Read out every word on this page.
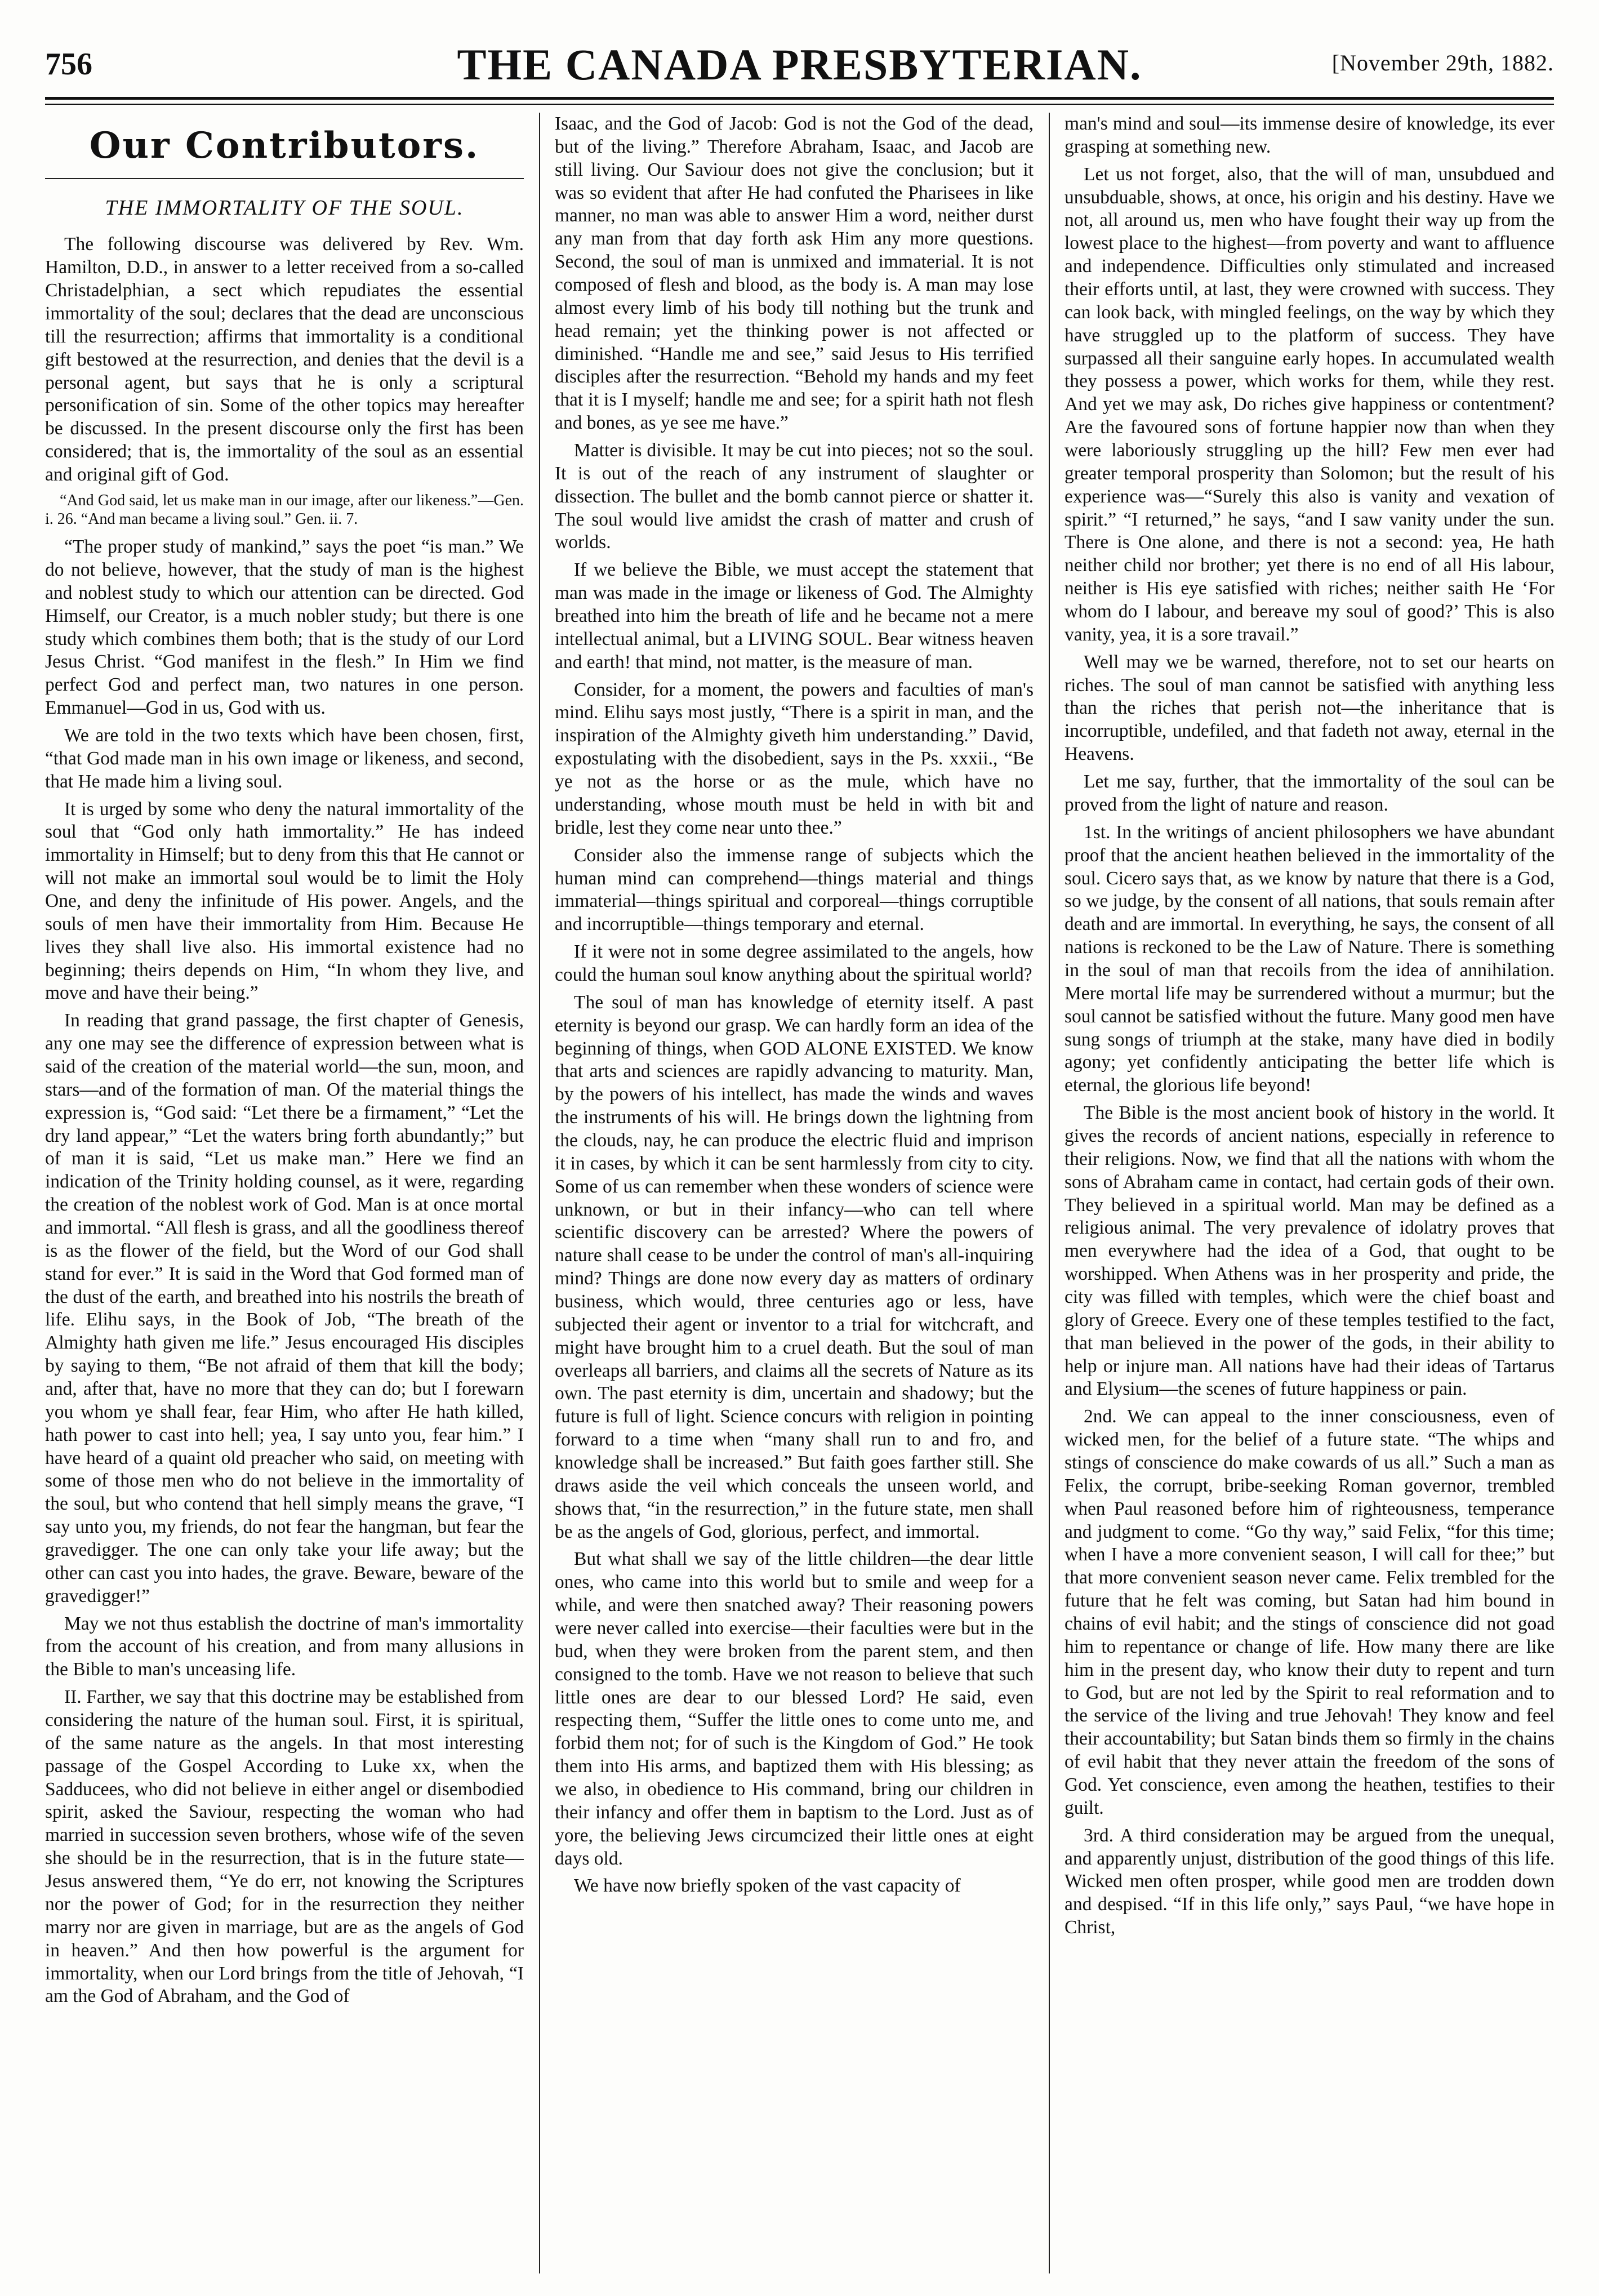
756	THE CANADA PRESBYTERIAN.	[November 29th, 1882.
Our Contributors.
THE IMMORTALITY OF THE SOUL.

The following discourse was delivered by Rev. Wm. Hamilton, D.D., in answer to a letter received from a so-called Christadelphian, a sect which repudiates the essential immortality of the soul; declares that the dead are unconscious till the resurrection; affirms that immortality is a conditional gift bestowed at the resurrection, and denies that the devil is a personal agent, but says that he is only a scriptural personification of sin. Some of the other topics may hereafter be discussed. In the present discourse only the first has been considered; that is, the immortality of the soul as an essential and original gift of God.

“And God said, let us make man in our image, after our likeness.”—Gen. i. 26. “And man became a living soul.” Gen. ii. 7.

“The proper study of mankind,” says the poet “is man.” We do not believe, however, that the study of man is the highest and noblest study to which our attention can be directed. God Himself, our Creator, is a much nobler study; but there is one study which combines them both; that is the study of our Lord Jesus Christ. “God manifest in the flesh.” In Him we find perfect God and perfect man, two natures in one person. Emmanuel—God in us, God with us.

We are told in the two texts which have been chosen, first, “that God made man in his own image or likeness, and second, that He made him a living soul.

It is urged by some who deny the natural immortality of the soul that “God only hath immortality.” He has indeed immortality in Himself; but to deny from this that He cannot or will not make an immortal soul would be to limit the Holy One, and deny the infinitude of His power. Angels, and the souls of men have their immortality from Him. Because He lives they shall live also. His immortal existence had no beginning; theirs depends on Him, “In whom they live, and move and have their being.”

In reading that grand passage, the first chapter of Genesis, any one may see the difference of expression between what is said of the creation of the material world—the sun, moon, and stars—and of the formation of man. Of the material things the expression is, “God said: “Let there be a firmament,” “Let the dry land appear,” “Let the waters bring forth abundantly;” but of man it is said, “Let us make man.” Here we find an indication of the Trinity holding counsel, as it were, regarding the creation of the noblest work of God. Man is at once mortal and immortal. “All flesh is grass, and all the goodliness thereof is as the flower of the field, but the Word of our God shall stand for ever.” It is said in the Word that God formed man of the dust of the earth, and breathed into his nostrils the breath of life. Elihu says, in the Book of Job, “The breath of the Almighty hath given me life.” Jesus encouraged His disciples by saying to them, “Be not afraid of them that kill the body; and, after that, have no more that they can do; but I forewarn you whom ye shall fear, fear Him, who after He hath killed, hath power to cast into hell; yea, I say unto you, fear him.” I have heard of a quaint old preacher who said, on meeting with some of those men who do not believe in the immortality of the soul, but who contend that hell simply means the grave, “I say unto you, my friends, do not fear the hangman, but fear the gravedigger. The one can only take your life away; but the other can cast you into hades, the grave. Beware, beware of the gravedigger!”

May we not thus establish the doctrine of man's immortality from the account of his creation, and from many allusions in the Bible to man's unceasing life.

II. Farther, we say that this doctrine may be established from considering the nature of the human soul. First, it is spiritual, of the same nature as the angels. In that most interesting passage of the Gospel According to Luke xx, when the Sadducees, who did not believe in either angel or disembodied spirit, asked the Saviour, respecting the woman who had married in succession seven brothers, whose wife of the seven she should be in the resurrection, that is in the future state—Jesus answered them, “Ye do err, not knowing the Scriptures nor the power of God; for in the resurrection they neither marry nor are given in marriage, but are as the angels of God in heaven.” And then how powerful is the argument for immortality, when our Lord brings from the title of Jehovah, “I am the God of Abraham, and the God of

Isaac, and the God of Jacob: God is not the God of the dead, but of the living.” Therefore Abraham, Isaac, and Jacob are still living. Our Saviour does not give the conclusion; but it was so evident that after He had confuted the Pharisees in like manner, no man was able to answer Him a word, neither durst any man from that day forth ask Him any more questions. Second, the soul of man is unmixed and immaterial. It is not composed of flesh and blood, as the body is. A man may lose almost every limb of his body till nothing but the trunk and head remain; yet the thinking power is not affected or diminished. “Handle me and see,” said Jesus to His terrified disciples after the resurrection. “Behold my hands and my feet that it is I myself; handle me and see; for a spirit hath not flesh and bones, as ye see me have.”

Matter is divisible. It may be cut into pieces; not so the soul. It is out of the reach of any instrument of slaughter or dissection. The bullet and the bomb cannot pierce or shatter it. The soul would live amidst the crash of matter and crush of worlds.

If we believe the Bible, we must accept the statement that man was made in the image or likeness of God. The Almighty breathed into him the breath of life and he became not a mere intellectual animal, but a LIVING SOUL. Bear witness heaven and earth! that mind, not matter, is the measure of man.

Consider, for a moment, the powers and faculties of man's mind. Elihu says most justly, “There is a spirit in man, and the inspiration of the Almighty giveth him understanding.” David, expostulating with the disobedient, says in the Ps. xxxii., “Be ye not as the horse or as the mule, which have no understanding, whose mouth must be held in with bit and bridle, lest they come near unto thee.”

Consider also the immense range of subjects which the human mind can comprehend—things material and things immaterial—things spiritual and corporeal—things corruptible and incorruptible—things temporary and eternal.

If it were not in some degree assimilated to the angels, how could the human soul know anything about the spiritual world?

The soul of man has knowledge of eternity itself. A past eternity is beyond our grasp. We can hardly form an idea of the beginning of things, when GOD ALONE EXISTED. We know that arts and sciences are rapidly advancing to maturity. Man, by the powers of his intellect, has made the winds and waves the instruments of his will. He brings down the lightning from the clouds, nay, he can produce the electric fluid and imprison it in cases, by which it can be sent harmlessly from city to city. Some of us can remember when these wonders of science were unknown, or but in their infancy—who can tell where scientific discovery can be arrested? Where the powers of nature shall cease to be under the control of man's all-inquiring mind? Things are done now every day as matters of ordinary business, which would, three centuries ago or less, have subjected their agent or inventor to a trial for witchcraft, and might have brought him to a cruel death. But the soul of man overleaps all barriers, and claims all the secrets of Nature as its own. The past eternity is dim, uncertain and shadowy; but the future is full of light. Science concurs with religion in pointing forward to a time when “many shall run to and fro, and knowledge shall be increased.” But faith goes farther still. She draws aside the veil which conceals the unseen world, and shows that, “in the resurrection,” in the future state, men shall be as the angels of God, glorious, perfect, and immortal.

But what shall we say of the little children—the dear little ones, who came into this world but to smile and weep for a while, and were then snatched away? Their reasoning powers were never called into exercise—their faculties were but in the bud, when they were broken from the parent stem, and then consigned to the tomb. Have we not reason to believe that such little ones are dear to our blessed Lord? He said, even respecting them, “Suffer the little ones to come unto me, and forbid them not; for of such is the Kingdom of God.” He took them into His arms, and baptized them with His blessing; as we also, in obedience to His command, bring our children in their infancy and offer them in baptism to the Lord. Just as of yore, the believing Jews circumcized their little ones at eight days old.

We have now briefly spoken of the vast capacity of

man's mind and soul—its immense desire of knowledge, its ever grasping at something new.

Let us not forget, also, that the will of man, unsubdued and unsubduable, shows, at once, his origin and his destiny. Have we not, all around us, men who have fought their way up from the lowest place to the highest—from poverty and want to affluence and independence. Difficulties only stimulated and increased their efforts until, at last, they were crowned with success. They can look back, with mingled feelings, on the way by which they have struggled up to the platform of success. They have surpassed all their sanguine early hopes. In accumulated wealth they possess a power, which works for them, while they rest. And yet we may ask, Do riches give happiness or contentment? Are the favoured sons of fortune happier now than when they were laboriously struggling up the hill? Few men ever had greater temporal prosperity than Solomon; but the result of his experience was—“Surely this also is vanity and vexation of spirit.” “I returned,” he says, “and I saw vanity under the sun. There is One alone, and there is not a second: yea, He hath neither child nor brother; yet there is no end of all His labour, neither is His eye satisfied with riches; neither saith He ‘For whom do I labour, and bereave my soul of good?’ This is also vanity, yea, it is a sore travail.”

Well may we be warned, therefore, not to set our hearts on riches. The soul of man cannot be satisfied with anything less than the riches that perish not—the inheritance that is incorruptible, undefiled, and that fadeth not away, eternal in the Heavens.

Let me say, further, that the immortality of the soul can be proved from the light of nature and reason.

1st. In the writings of ancient philosophers we have abundant proof that the ancient heathen believed in the immortality of the soul. Cicero says that, as we know by nature that there is a God, so we judge, by the consent of all nations, that souls remain after death and are immortal. In everything, he says, the consent of all nations is reckoned to be the Law of Nature. There is something in the soul of man that recoils from the idea of annihilation. Mere mortal life may be surrendered without a murmur; but the soul cannot be satisfied without the future. Many good men have sung songs of triumph at the stake, many have died in bodily agony; yet confidently anticipating the better life which is eternal, the glorious life beyond!

The Bible is the most ancient book of history in the world. It gives the records of ancient nations, especially in reference to their religions. Now, we find that all the nations with whom the sons of Abraham came in contact, had certain gods of their own. They believed in a spiritual world. Man may be defined as a religious animal. The very prevalence of idolatry proves that men everywhere had the idea of a God, that ought to be worshipped. When Athens was in her prosperity and pride, the city was filled with temples, which were the chief boast and glory of Greece. Every one of these temples testified to the fact, that man believed in the power of the gods, in their ability to help or injure man. All nations have had their ideas of Tartarus and Elysium—the scenes of future happiness or pain.

2nd. We can appeal to the inner consciousness, even of wicked men, for the belief of a future state. “The whips and stings of conscience do make cowards of us all.” Such a man as Felix, the corrupt, bribe-seeking Roman governor, trembled when Paul reasoned before him of righteousness, temperance and judgment to come. “Go thy way,” said Felix, “for this time; when I have a more convenient season, I will call for thee;” but that more convenient season never came. Felix trembled for the future that he felt was coming, but Satan had him bound in chains of evil habit; and the stings of conscience did not goad him to repentance or change of life. How many there are like him in the present day, who know their duty to repent and turn to God, but are not led by the Spirit to real reformation and to the service of the living and true Jehovah! They know and feel their accountability; but Satan binds them so firmly in the chains of evil habit that they never attain the freedom of the sons of God. Yet conscience, even among the heathen, testifies to their guilt.

3rd. A third consideration may be argued from the unequal, and apparently unjust, distribution of the good things of this life. Wicked men often prosper, while good men are trodden down and despised. “If in this life only,” says Paul, “we have hope in Christ,
